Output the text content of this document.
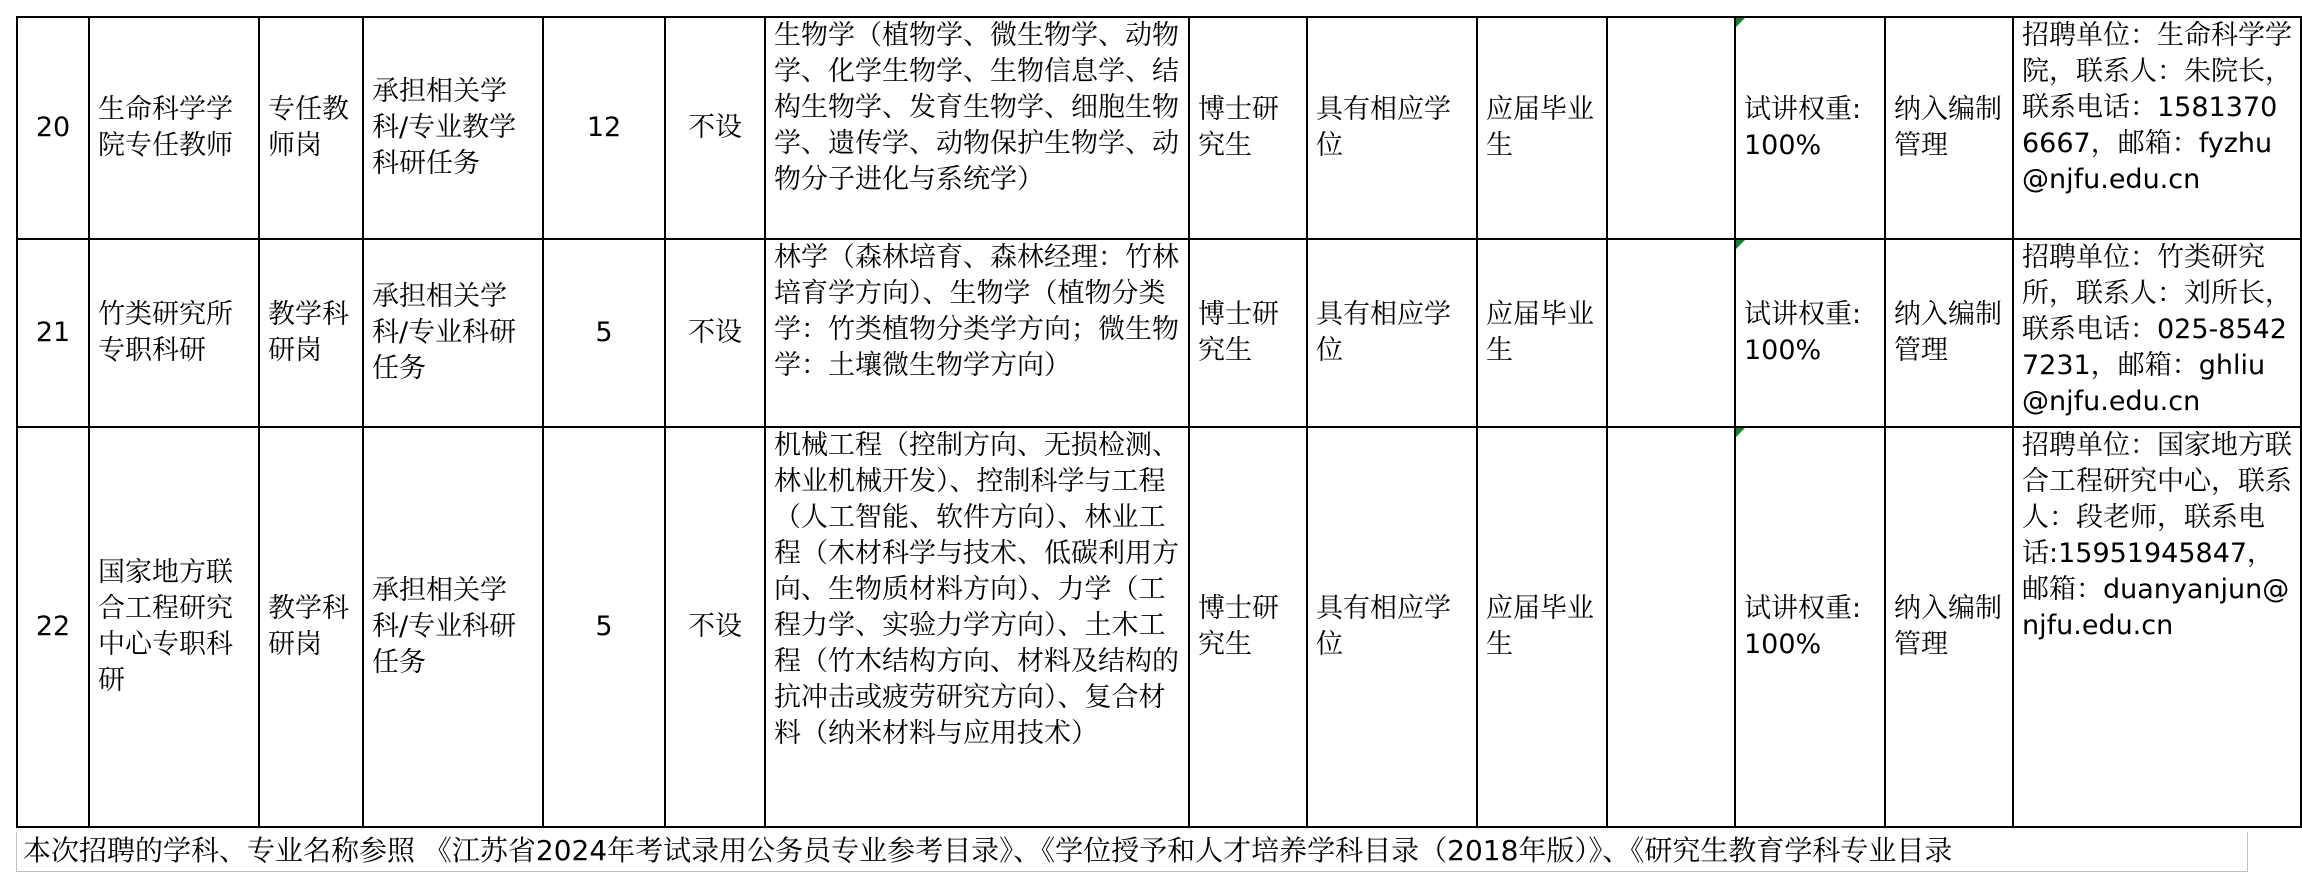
20	生命科学学院专任教师	专任教师岗	承担相关学科/专业教学科研任务	12	不设	生物学（植物学、微生物学、动物学、化学生物学、生物信息学、结构生物学、发育生物学、细胞生物学、遗传学、动物保护生物学、动物分子进化与系统学）	博士研究生	具有相应学位	应届毕业生		试讲权重:100%	纳入编制管理	招聘单位：生命科学学院，联系人：朱院长，联系电话：15813706667，邮箱：fyzhu@njfu.edu.cn
21	竹类研究所专职科研	教学科研岗	承担相关学科/专业科研任务	5	不设	林学（森林培育、森林经理：竹林培育学方向）、生物学（植物分类学：竹类植物分类学方向；微生物学：土壤微生物学方向）	博士研究生	具有相应学位	应届毕业生		试讲权重:100%	纳入编制管理	招聘单位：竹类研究所，联系人：刘所长，联系电话：025-85427231，邮箱：ghliu@njfu.edu.cn
22	国家地方联合工程研究中心专职科研	教学科研岗	承担相关学科/专业科研任务	5	不设	机械工程（控制方向、无损检测、林业机械开发）、控制科学与工程（人工智能、软件方向）、林业工程（木材科学与技术、低碳利用方向、生物质材料方向）、力学（工程力学、实验力学方向）、土木工程（竹木结构方向、材料及结构的抗冲击或疲劳研究方向）、复合材料（纳米材料与应用技术）	博士研究生	具有相应学位	应届毕业生		试讲权重:100%	纳入编制管理	招聘单位：国家地方联合工程研究中心，联系人：段老师，联系电话:15951945847，邮箱：duanyanjun@njfu.edu.cn
本次招聘的学科、专业名称参照 《江苏省2024年考试录用公务员专业参考目录》、《学位授予和人才培养学科目录（2018年版）》、《研究生教育学科专业目录
